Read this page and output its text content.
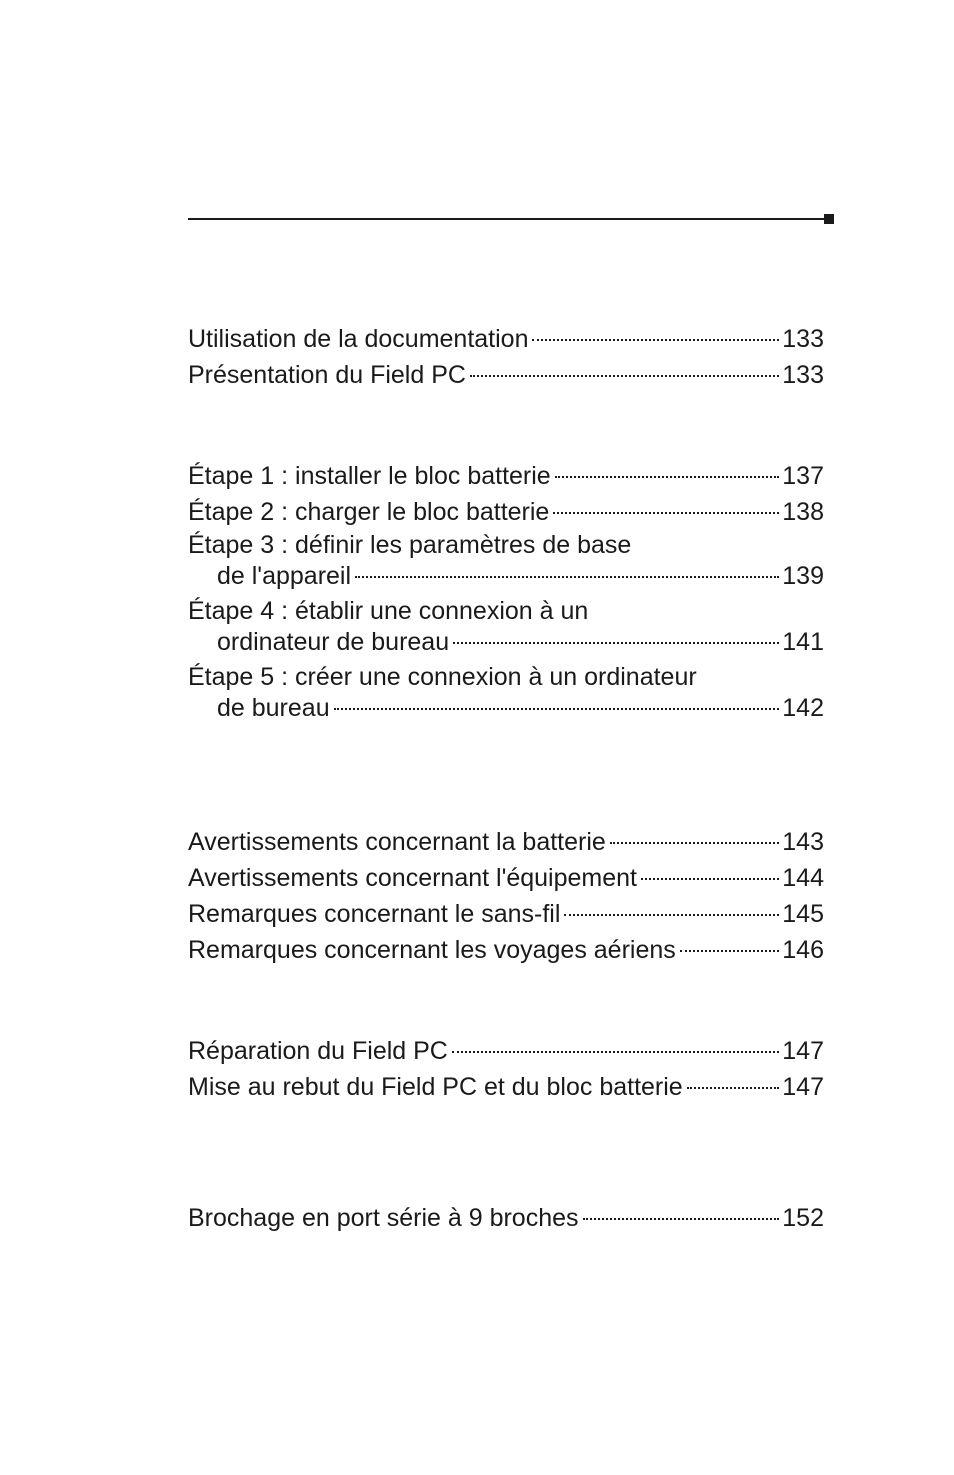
Utilisation de la documentation	133
Présentation du Field PC	133
Étape 1 : installer le bloc batterie	137
Étape 2 : charger le bloc batterie	138
Étape 3 : définir les paramètres de base
de l'appareil	139
Étape 4 : établir une connexion à un
ordinateur de bureau	141
Étape 5 : créer une connexion à un ordinateur
de bureau	142
Avertissements concernant la batterie	143
Avertissements concernant l'équipement	144
Remarques concernant le sans-fil	145
Remarques concernant les voyages aériens	146
Réparation du Field PC	147
Mise au rebut du Field PC et du bloc batterie	147
Brochage en port série à 9 broches	152
